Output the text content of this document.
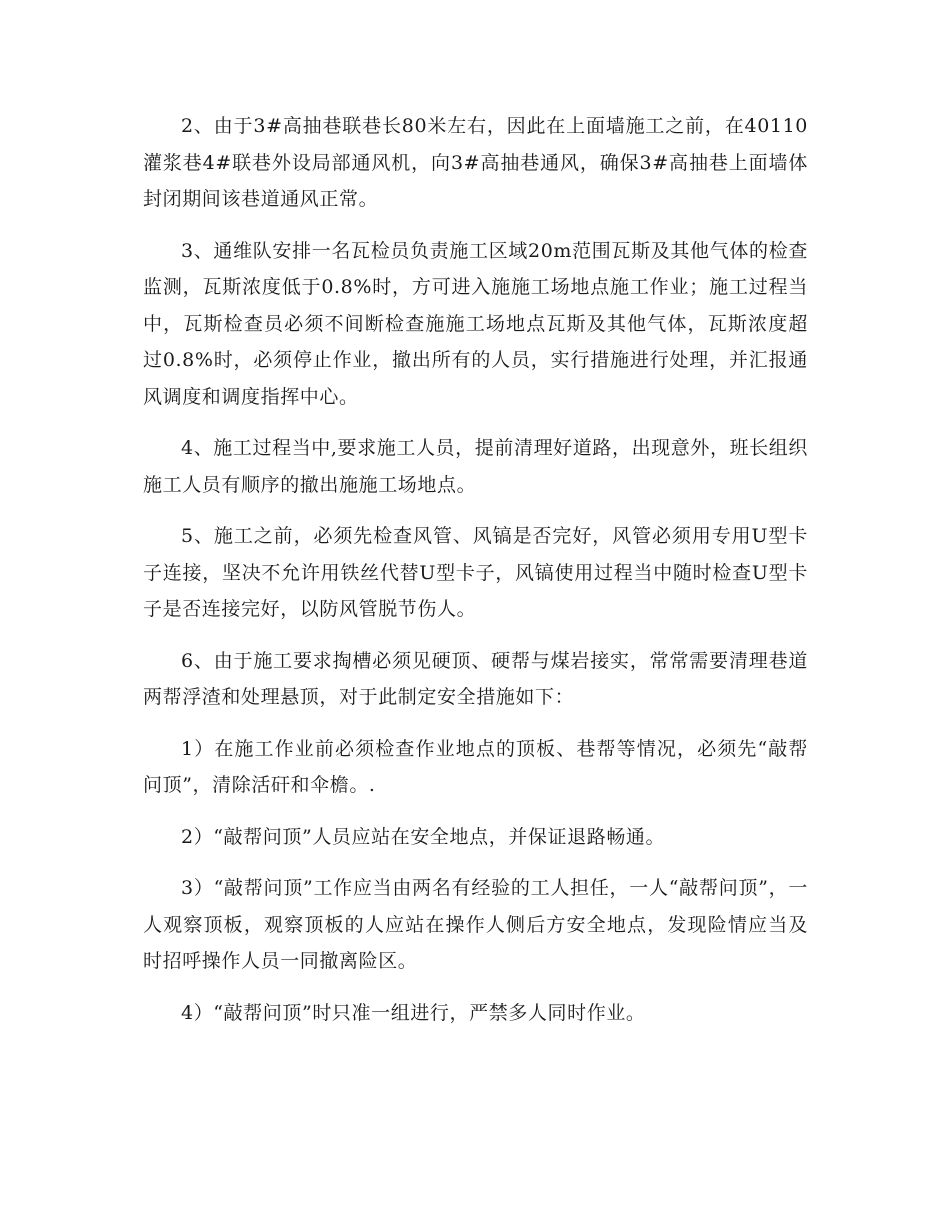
2、由于3#高抽巷联巷长80米左右，因此在上面墙施工之前，在40110灌浆巷4#联巷外设局部通风机，向3#高抽巷通风，确保3#高抽巷上面墙体封闭期间该巷道通风正常。

3、通维队安排一名瓦检员负责施工区域20m范围瓦斯及其他气体的检查监测，瓦斯浓度低于0.8%时，方可进入施施工场地点施工作业；施工过程当中，瓦斯检查员必须不间断检查施施工场地点瓦斯及其他气体，瓦斯浓度超过0.8%时，必须停止作业，撤出所有的人员，实行措施进行处理，并汇报通风调度和调度指挥中心。

4、施工过程当中,要求施工人员，提前清理好道路，出现意外，班长组织施工人员有顺序的撤出施施工场地点。

5、施工之前，必须先检查风管、风镐是否完好，风管必须用专用U型卡子连接，坚决不允许用铁丝代替U型卡子，风镐使用过程当中随时检查U型卡子是否连接完好，以防风管脱节伤人。

6、由于施工要求掏槽必须见硬顶、硬帮与煤岩接实，常常需要清理巷道两帮浮渣和处理悬顶，对于此制定安全措施如下：

1）在施工作业前必须检查作业地点的顶板、巷帮等情况，必须先“敲帮问顶”，清除活矸和伞檐。.

2）“敲帮问顶”人员应站在安全地点，并保证退路畅通。

3）“敲帮问顶”工作应当由两名有经验的工人担任，一人“敲帮问顶”，一人观察顶板，观察顶板的人应站在操作人侧后方安全地点，发现险情应当及时招呼操作人员一同撤离险区。

4）“敲帮问顶”时只准一组进行，严禁多人同时作业。
